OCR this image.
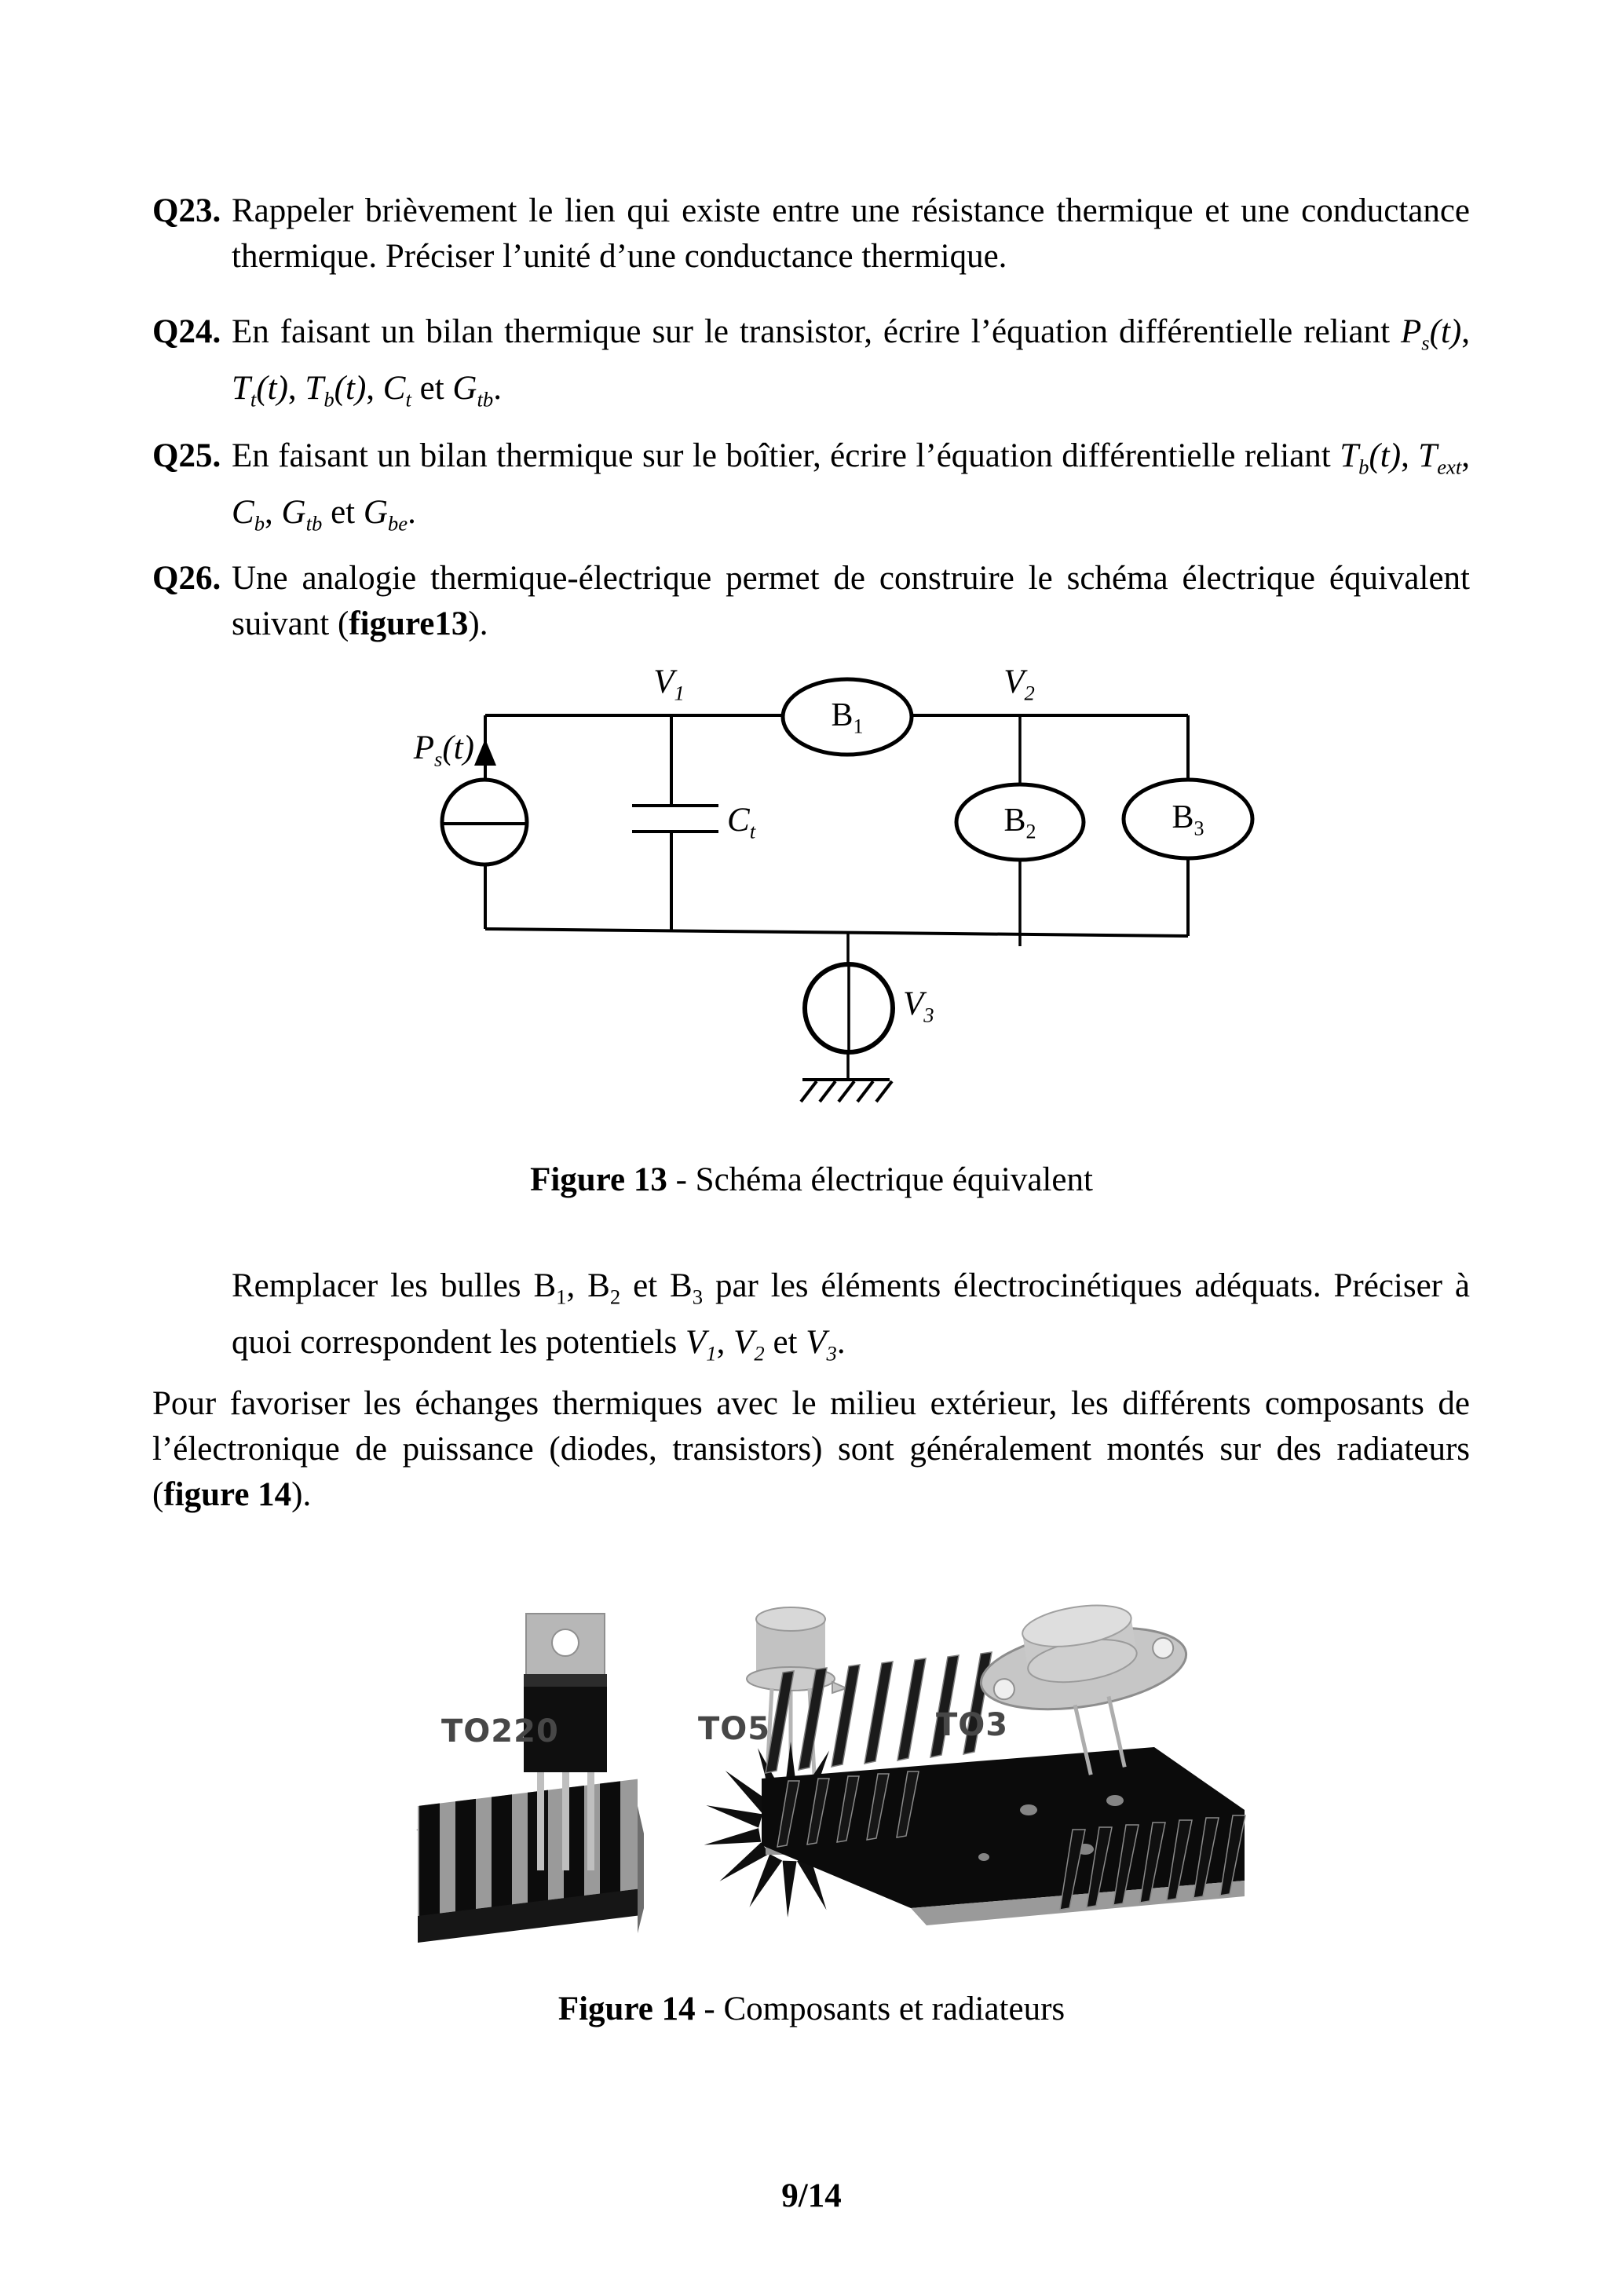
Q23. Rappeler brièvement le lien qui existe entre une résistance thermique et une conductance thermique. Préciser l’unité d’une conductance thermique.
Q24. En faisant un bilan thermique sur le transistor, écrire l’équation différentielle reliant $P_s(t)$, $T_t(t)$, $T_b(t)$, $C_t$ et $G_{tb}$.
Q25. En faisant un bilan thermique sur le boîtier, écrire l’équation différentielle reliant $T_b(t)$, $T_{ext}$, $C_b$, $G_{tb}$ et $G_{be}$.
Q26. Une analogie thermique-électrique permet de construire le schéma électrique équivalent suivant (figure13).
$V_1$	$V_2$
$V_3$
$P_s(t)$
$C_t$
$B_1$
$B_2$	$B_3$
Figure 13 - Schéma électrique équivalent
Remplacer les bulles $B_1$, $B_2$ et $B_3$ par les éléments électrocinétiques adéquats. Préciser à quoi correspondent les potentiels $V_1$, $V_2$ et $V_3$.
Pour favoriser les échanges thermiques avec le milieu extérieur, les différents composants de l’électronique de puissance (diodes, transistors) sont généralement montés sur des radiateurs (figure 14).
TO220	TO5	TO3
Figure 14 - Composants et radiateurs
9/14
